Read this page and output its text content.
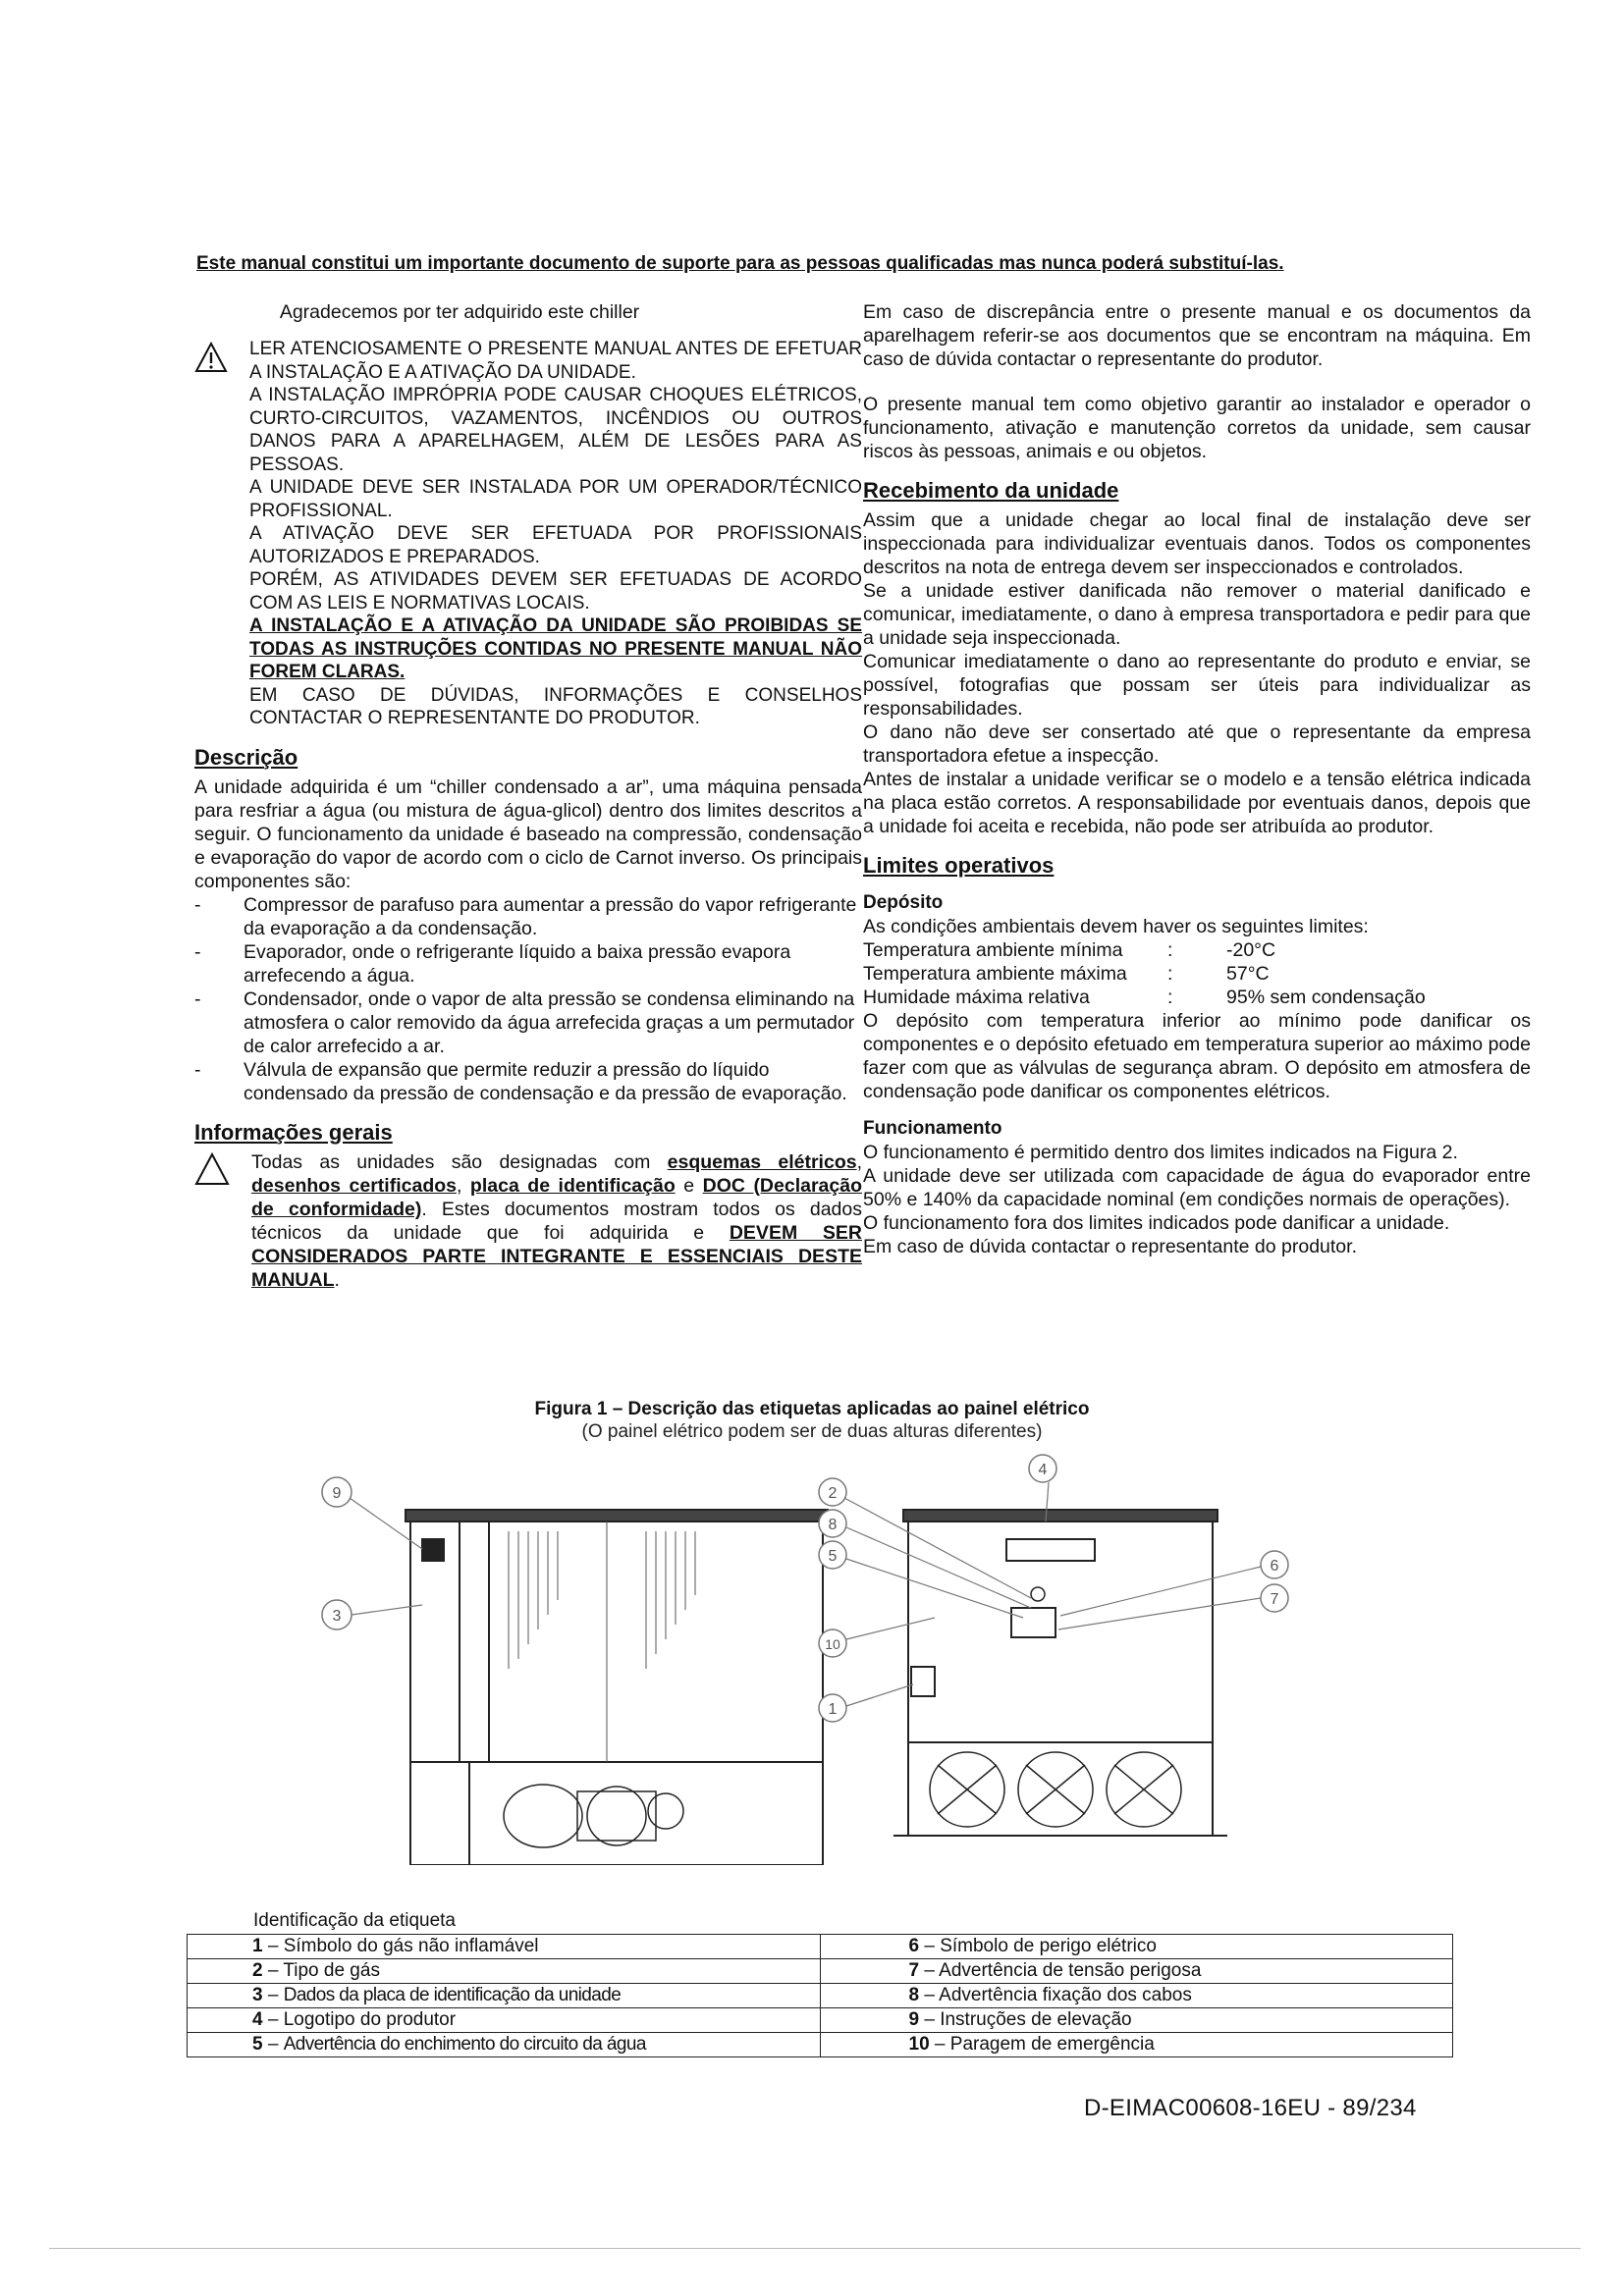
Este manual constitui um importante documento de suporte para as pessoas qualificadas mas nunca poderá substituí-las.

Agradecemos por ter adquirido este chiller

LER ATENCIOSAMENTE O PRESENTE MANUAL ANTES DE EFETUAR A INSTALAÇÃO E A ATIVAÇÃO DA UNIDADE.

A INSTALAÇÃO IMPRÓPRIA PODE CAUSAR CHOQUES ELÉTRICOS, CURTO-CIRCUITOS, VAZAMENTOS, INCÊNDIOS OU OUTROS DANOS PARA A APARELHAGEM, ALÉM DE LESÕES PARA AS PESSOAS.

A UNIDADE DEVE SER INSTALADA POR UM OPERADOR/TÉCNICO PROFISSIONAL.

A ATIVAÇÃO DEVE SER EFETUADA POR PROFISSIONAIS AUTORIZADOS E PREPARADOS.

PORÉM, AS ATIVIDADES DEVEM SER EFETUADAS DE ACORDO COM AS LEIS E NORMATIVAS LOCAIS.

A INSTALAÇÃO E A ATIVAÇÃO DA UNIDADE SÃO PROIBIDAS SE TODAS AS INSTRUÇÕES CONTIDAS NO PRESENTE MANUAL NÃO FOREM CLARAS.

EM CASO DE DÚVIDAS, INFORMAÇÕES E CONSELHOS CONTACTAR O REPRESENTANTE DO PRODUTOR.

Descrição

A unidade adquirida é um “chiller condensado a ar”, uma máquina pensada para resfriar a água (ou mistura de água-glicol) dentro dos limites descritos a seguir. O funcionamento da unidade é baseado na compressão, condensação e evaporação do vapor de acordo com o ciclo de Carnot inverso. Os principais componentes são:

- Compressor de parafuso para aumentar a pressão do vapor refrigerante da evaporação a da condensação.
- Evaporador, onde o refrigerante líquido a baixa pressão evapora arrefecendo a água.
- Condensador, onde o vapor de alta pressão se condensa eliminando na atmosfera o calor removido da água arrefecida graças a um permutador de calor arrefecido a ar.
- Válvula de expansão que permite reduzir a pressão do líquido condensado da pressão de condensação e da pressão de evaporação.

Informações gerais

Todas as unidades são designadas com esquemas elétricos, desenhos certificados, placa de identificação e DOC (Declaração de conformidade). Estes documentos mostram todos os dados técnicos da unidade que foi adquirida e DEVEM SER CONSIDERADOS PARTE INTEGRANTE E ESSENCIAIS DESTE MANUAL.

Em caso de discrepância entre o presente manual e os documentos da aparelhagem referir-se aos documentos que se encontram na máquina. Em caso de dúvida contactar o representante do produtor.

O presente manual tem como objetivo garantir ao instalador e operador o funcionamento, ativação e manutenção corretos da unidade, sem causar riscos às pessoas, animais e ou objetos.

Recebimento da unidade

Assim que a unidade chegar ao local final de instalação deve ser inspeccionada para individualizar eventuais danos. Todos os componentes descritos na nota de entrega devem ser inspeccionados e controlados.

Se a unidade estiver danificada não remover o material danificado e comunicar, imediatamente, o dano à empresa transportadora e pedir para que a unidade seja inspeccionada.

Comunicar imediatamente o dano ao representante do produto e enviar, se possível, fotografias que possam ser úteis para individualizar as responsabilidades.

O dano não deve ser consertado até que o representante da empresa transportadora efetue a inspecção.

Antes de instalar a unidade verificar se o modelo e a tensão elétrica indicada na placa estão corretos. A responsabilidade por eventuais danos, depois que a unidade foi aceita e recebida, não pode ser atribuída ao produtor.

Limites operativos

Depósito

As condições ambientais devem haver os seguintes limites:

Temperatura ambiente mínima	:	-20°C
Temperatura ambiente máxima	:	57°C
Humidade máxima relativa	:	95% sem condensação

O depósito com temperatura inferior ao mínimo pode danificar os componentes e o depósito efetuado em temperatura superior ao máximo pode fazer com que as válvulas de segurança abram. O depósito em atmosfera de condensação pode danificar os componentes elétricos.

Funcionamento

O funcionamento é permitido dentro dos limites indicados na Figura 2.

A unidade deve ser utilizada com capacidade de água do evaporador entre 50% e 140% da capacidade nominal (em condições normais de operações).

O funcionamento fora dos limites indicados pode danificar a unidade.

Em caso de dúvida contactar o representante do produtor.

Figura 1 – Descrição das etiquetas aplicadas ao painel elétrico
(O painel elétrico podem ser de duas alturas diferentes)
9
3
2
8
5
10
1
4
6
7
Identificação da etiqueta
1 – Símbolo do gás não inflamável	6 – Símbolo de perigo elétrico
2 – Tipo de gás	7 – Advertência de tensão perigosa
3 – Dados da placa de identificação da unidade	8 – Advertência fixação dos cabos
4 – Logotipo do produtor	9 – Instruções de elevação
5 – Advertência do enchimento do circuito da água	10 – Paragem de emergência
D-EIMAC00608-16EU - 89/234
